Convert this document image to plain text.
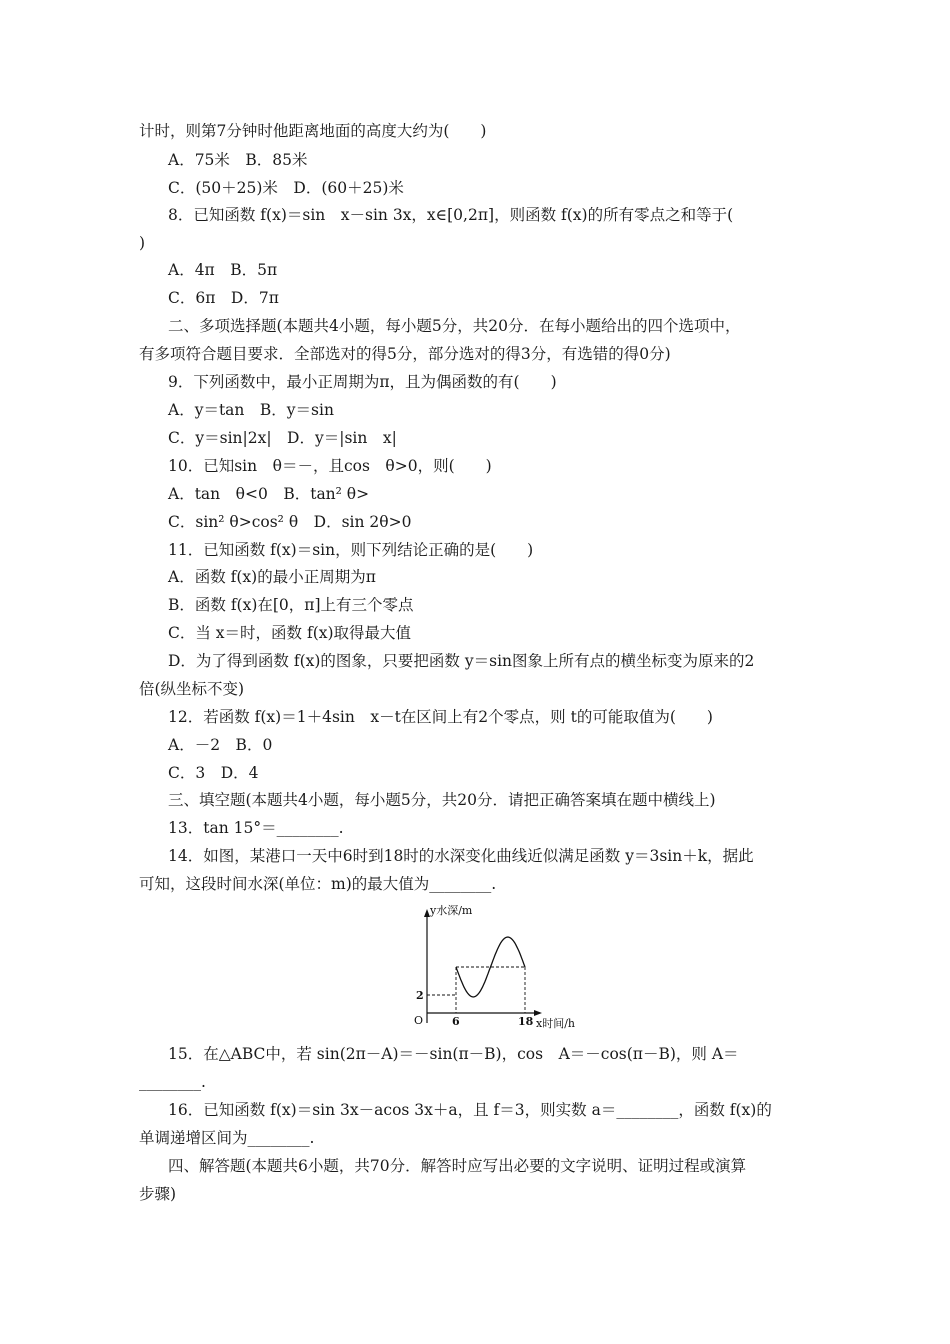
计时，则第7分钟时他距离地面的高度大约为(　　)
A．75米　B．85米
C．(50＋25)米　D．(60＋25)米
8．已知函数 f(x)＝sin　x－sin 3x，x∈[0,2π]，则函数 f(x)的所有零点之和等于(
)
A．4π　B．5π
C．6π　D．7π
二、多项选择题(本题共4小题，每小题5分，共20分．在每小题给出的四个选项中，
有多项符合题目要求．全部选对的得5分，部分选对的得3分，有选错的得0分)
9．下列函数中，最小正周期为π，且为偶函数的有(　　)
A．y＝tan　B．y＝sin
C．y＝sin|2x|　D．y＝|sin　x|
10．已知sin　θ＝－，且cos　θ>0，则(　　)
A．tan　θ<0　B．tan² θ>
C．sin² θ>cos² θ　D．sin 2θ>0
11．已知函数 f(x)＝sin，则下列结论正确的是(　　)
A．函数 f(x)的最小正周期为π
B．函数 f(x)在[0，π]上有三个零点
C．当 x＝时，函数 f(x)取得最大值
D．为了得到函数 f(x)的图象，只要把函数 y＝sin图象上所有点的横坐标变为原来的2
倍(纵坐标不变)
12．若函数 f(x)＝1＋4sin　x－t在区间上有2个零点，则 t的可能取值为(　　)
A．－2　B．0
C．3　D．4
三、填空题(本题共4小题，每小题5分，共20分．请把正确答案填在题中横线上)
13．tan 15°＝________.
14．如图，某港口一天中6时到18时的水深变化曲线近似满足函数 y＝3sin＋k，据此
可知，这段时间水深(单位：m)的最大值为________.
15．在△ABC中，若 sin(2π－A)＝－sin(π－B)，cos　A＝－cos(π－B)，则 A＝
________.
16．已知函数 f(x)＝sin 3x－acos 3x＋a，且 f＝3，则实数 a＝________，函数 f(x)的
单调递增区间为________.
四、解答题(本题共6小题，共70分．解答时应写出必要的文字说明、证明过程或演算
步骤)
y水深/m
x时间/h
O
2
6	18
